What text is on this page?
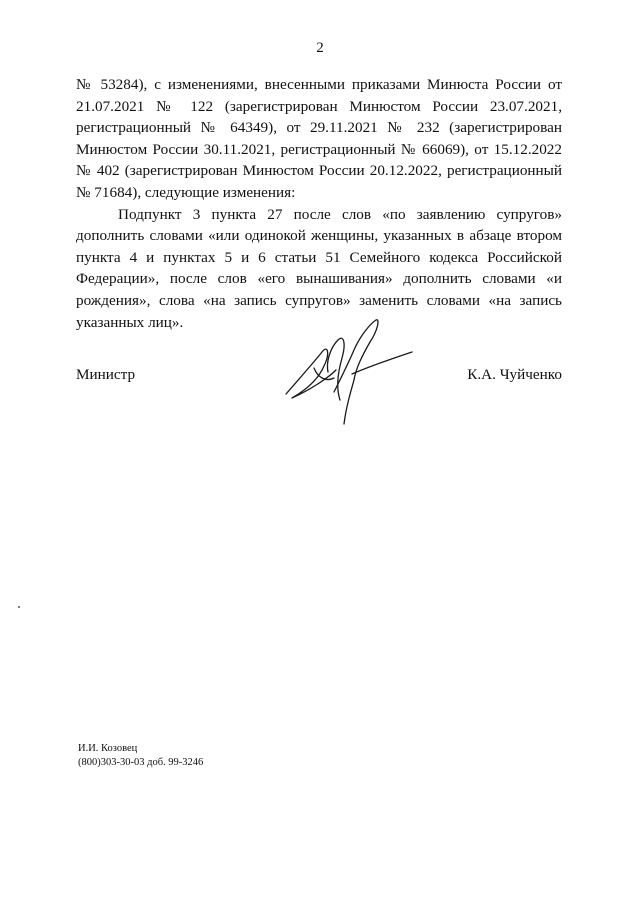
2

№ 53284), с изменениями, внесенными приказами Минюста России от 21.07.2021 № 122 (зарегистрирован Минюстом России 23.07.2021, регистрационный № 64349), от 29.11.2021 № 232 (зарегистрирован Минюстом России 30.11.2021, регистрационный № 66069), от 15.12.2022 № 402 (зарегистрирован Минюстом России 20.12.2022, регистрационный № 71684), следующие изменения:

Подпункт 3 пункта 27 после слов «по заявлению супругов» дополнить словами «или одинокой женщины, указанных в абзаце втором пункта 4 и пунктах 5 и 6 статьи 51 Семейного кодекса Российской Федерации», после слов «его вынашивания» дополнить словами «и рождения», слова «на запись супругов» заменить словами «на запись указанных лиц».

Министр	К.А. Чуйченко
И.И. Козовец
(800)303-30-03 доб. 99-3246
